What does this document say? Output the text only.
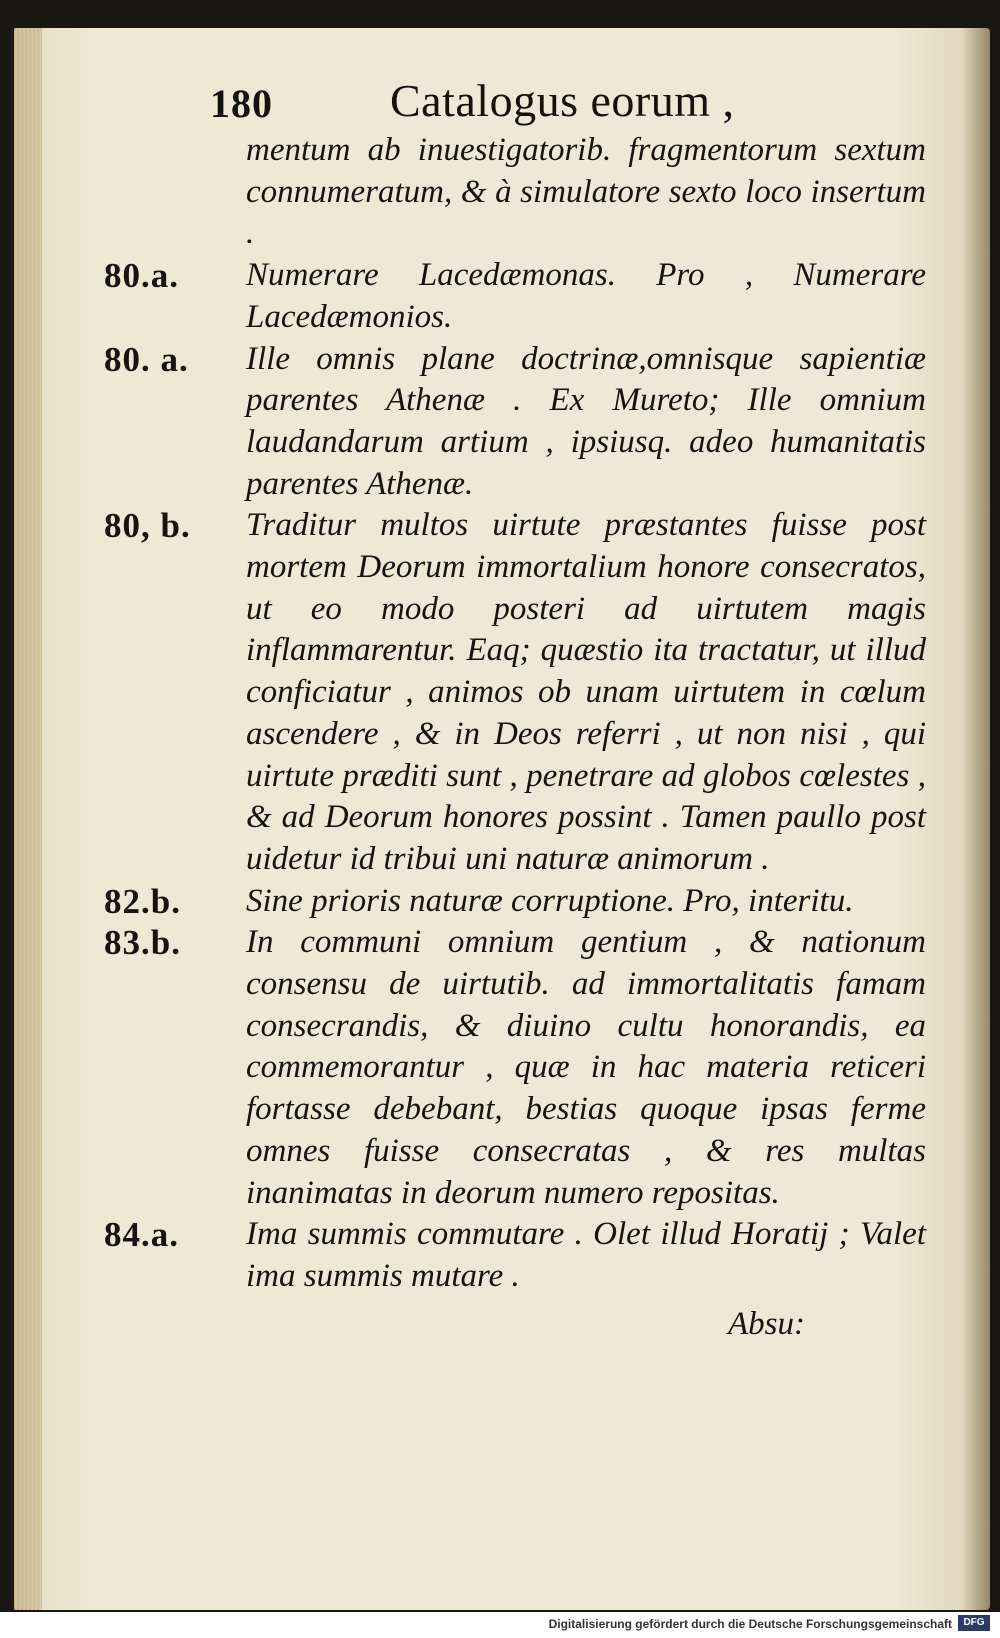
180	Catalogus eorum ,

mentum ab inuestigatorib. fragmentorum sextum connumeratum, & à simulatore sexto loco insertum .

80.a. Numerare Lacedæmonas. Pro , Numerare Lacedæmonios.

80. a. Ille omnis plane doctrinæ,omnisque sapientiæ parentes Athenæ . Ex Mureto; Ille omnium laudandarum artium , ipsiusq. adeo humanitatis parentes Athenæ.

80, b. Traditur multos uirtute præstantes fuisse post mortem Deorum immortalium honore consecratos, ut eo modo posteri ad uirtutem magis inflammarentur. Eaq; quæstio ita tractatur, ut illud conficiatur , animos ob unam uirtutem in cœlum ascendere , & in Deos referri , ut non nisi , qui uirtute præditi sunt , penetrare ad globos cœlestes , & ad Deorum honores possint . Tamen paullo post uidetur id tribui uni naturæ animorum .

82.b. Sine prioris naturæ corruptione. Pro, interitu.

83.b. In communi omnium gentium , & nationum consensu de uirtutib. ad immortalitatis famam consecrandis, & diuino cultu honorandis, ea commemorantur , quæ in hac materia reticeri fortasse debebant, bestias quoque ipsas ferme omnes fuisse consecratas , & res multas inanimatas in deorum numero repositas.

84.a. Ima summis commutare . Olet illud Horatij ; Valet ima summis mutare .

Absu:
Digitalisierung gefördert durch die Deutsche Forschungsgemeinschaft	DFG
